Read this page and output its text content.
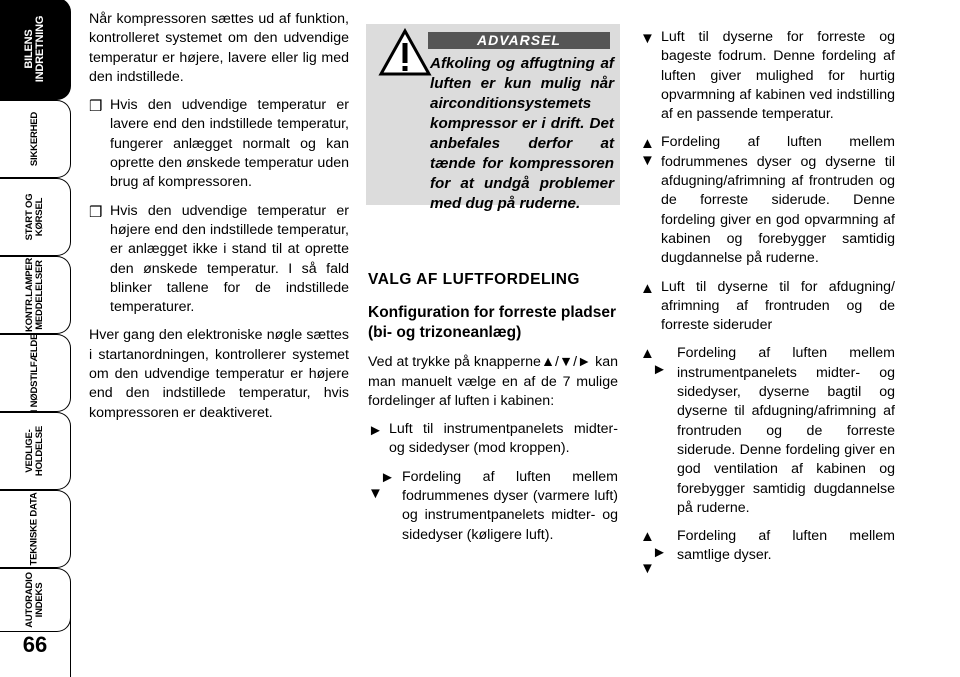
BILENS INDRETNING
SIKKERHED
START OG KØRSEL
KONTR.LAMPER MEDDELELSER
I NØDSTILFÆLDE
VEDLIGE- HOLDELSE
TEKNISKE DATA
AUTORADIO INDEKS
66

Når kompressoren sættes ud af funktion, kontrolleret systemet om den udvendige temperatur er højere, lavere eller lig med den indstillede.

❒ Hvis den udvendige temperatur er lavere end den indstillede temperatur, fungerer anlægget normalt og kan oprette den ønskede temperatur uden brug af kompressoren.
❒ Hvis den udvendige temperatur er højere end den indstillede temperatur, er anlægget ikke i stand til at oprette den ønskede temperatur. I så fald blinker tallene for de indstillede temperaturer.

Hver gang den elektroniske nøgle sættes i startanordningen, kontrollerer systemet om den udvendige temperatur er højere end den indstillede temperatur, hvis kompressoren er deaktiveret.

ADVARSEL
Afkoling og affugtning af luften er kun mulig når airconditionsystemets kompressor er i drift. Det anbefales derfor at tænde for kompressoren for at undgå problemer med dug på ruderne.
VALG AF LUFTFORDELING
Konfiguration for forreste pladser (bi- og trizoneanlæg)

Ved at trykke på knapperne▲/▼/► kan man manuelt vælge en af de 7 mulige fordelinger af luften i kabinen:

► Luft til instrumentpanelets midter- og sidedyser (mod kroppen).
►
▼
Fordeling af luften mellem fodrummenes dyser (varmere luft) og instrumentpanelets midter- og sidedyser (køligere luft).
▼ Luft til dyserne for forreste og bageste fodrum. Denne fordeling af luften giver mulighed for hurtig opvarmning af kabinen ved indstilling af en passende temperatur.
▲
▼
Fordeling af luften mellem fodrummenes dyser og dyserne til afdugning/afrimning af frontruden og de forreste siderude. Denne fordeling giver en god opvarmning af kabinen og forebygger samtidig dugdannelse på ruderne.
▲ Luft til dyserne til for afdugning/ afrimning af frontruden og de forreste sideruder
▲
►
Fordeling af luften mellem instrumentpanelets midter- og sidedyser, dyserne bagtil og dyserne til afdugning/afrimning af frontruden og de forreste siderude. Denne fordeling giver en god ventilation af kabinen og forebygger samtidig dugdannelse på ruderne.
▲
►
▼
Fordeling af luften mellem samtlige dyser.
